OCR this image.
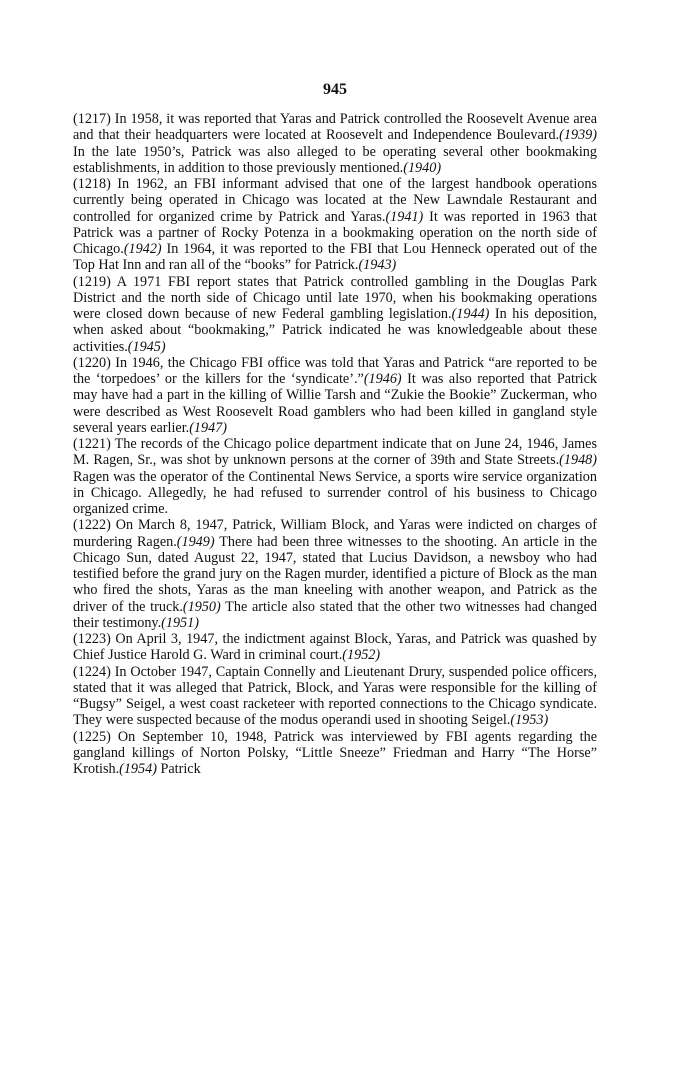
945

(1217) In 1958, it was reported that Yaras and Patrick controlled the Roosevelt Avenue area and that their headquarters were located at Roosevelt and Independence Boulevard.(1939) In the late 1950’s, Patrick was also alleged to be operating several other bookmaking establishments, in addition to those previously mentioned.(1940)

(1218) In 1962, an FBI informant advised that one of the largest handbook operations currently being operated in Chicago was located at the New Lawndale Restaurant and controlled for organized crime by Patrick and Yaras.(1941) It was reported in 1963 that Patrick was a partner of Rocky Potenza in a bookmaking operation on the north side of Chicago.(1942) In 1964, it was reported to the FBI that Lou Henneck operated out of the Top Hat Inn and ran all of the “books” for Patrick.(1943)

(1219) A 1971 FBI report states that Patrick controlled gambling in the Douglas Park District and the north side of Chicago until late 1970, when his bookmaking operations were closed down because of new Federal gambling legislation.(1944) In his deposition, when asked about “bookmaking,” Patrick indicated he was knowledgeable about these activities.(1945)

(1220) In 1946, the Chicago FBI office was told that Yaras and Patrick “are reported to be the ‘torpedoes’ or the killers for the ‘syndicate’.”(1946) It was also reported that Patrick may have had a part in the killing of Willie Tarsh and “Zukie the Bookie” Zuckerman, who were described as West Roosevelt Road gamblers who had been killed in gangland style several years earlier.(1947)

(1221) The records of the Chicago police department indicate that on June 24, 1946, James M. Ragen, Sr., was shot by unknown persons at the corner of 39th and State Streets.(1948) Ragen was the operator of the Continental News Service, a sports wire service organization in Chicago. Allegedly, he had refused to surrender control of his business to Chicago organized crime.

(1222) On March 8, 1947, Patrick, William Block, and Yaras were indicted on charges of murdering Ragen.(1949) There had been three witnesses to the shooting. An article in the Chicago Sun, dated August 22, 1947, stated that Lucius Davidson, a newsboy who had testified before the grand jury on the Ragen murder, identified a picture of Block as the man who fired the shots, Yaras as the man kneeling with another weapon, and Patrick as the driver of the truck.(1950) The article also stated that the other two witnesses had changed their testimony.(1951)

(1223) On April 3, 1947, the indictment against Block, Yaras, and Patrick was quashed by Chief Justice Harold G. Ward in criminal court.(1952)

(1224) In October 1947, Captain Connelly and Lieutenant Drury, suspended police officers, stated that it was alleged that Patrick, Block, and Yaras were responsible for the killing of “Bugsy” Seigel, a west coast racketeer with reported connections to the Chicago syndicate. They were suspected because of the modus operandi used in shooting Seigel.(1953)

(1225) On September 10, 1948, Patrick was interviewed by FBI agents regarding the gangland killings of Norton Polsky, “Little Sneeze” Friedman and Harry “The Horse” Krotish.(1954) Patrick
